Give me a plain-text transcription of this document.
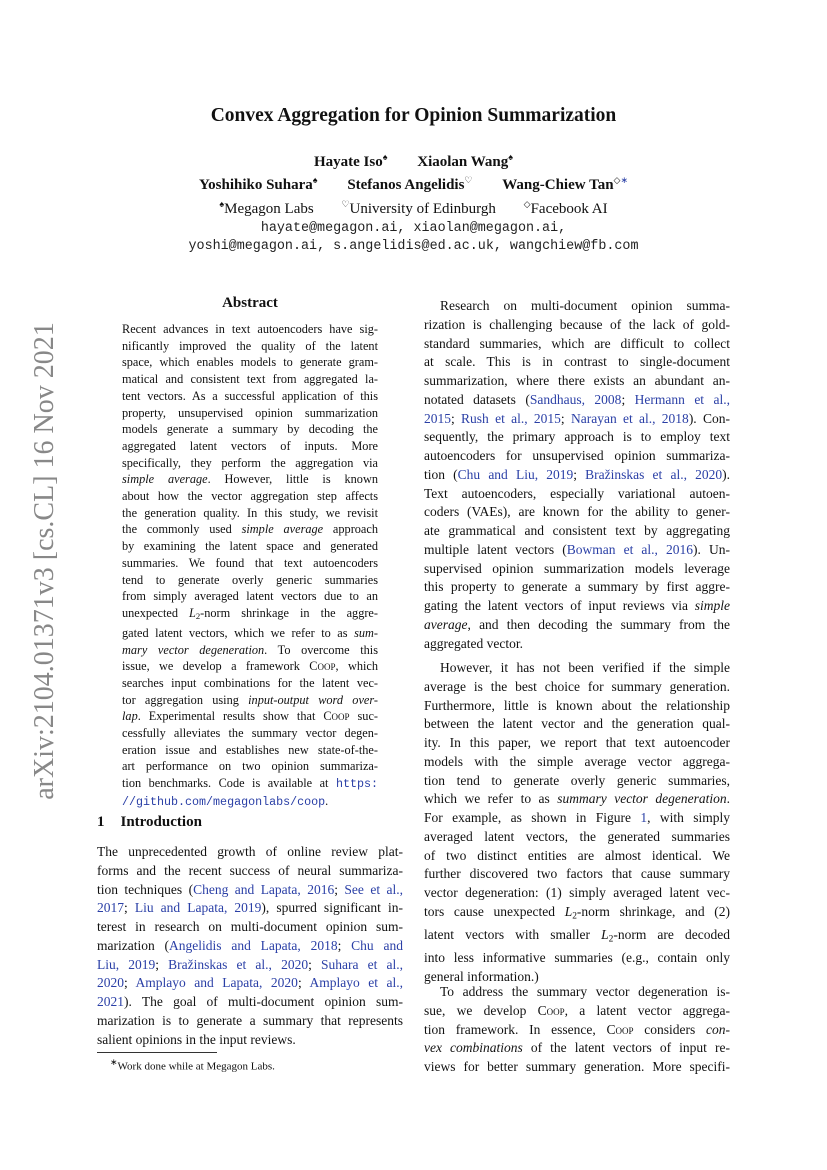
arXiv:2104.01371v3 [cs.CL] 16 Nov 2021
Convex Aggregation for Opinion Summarization
Hayate Iso♠ Xiaolan Wang♠
Yoshihiko Suhara♠ Stefanos Angelidis♡ Wang-Chiew Tan◇∗
♠Megagon Labs	♡University of Edinburgh	◇Facebook AI
hayate@megagon.ai, xiaolan@megagon.ai,
yoshi@megagon.ai, s.angelidis@ed.ac.uk, wangchiew@fb.com
Abstract
Recent advances in text autoencoders have sig-
nificantly improved the quality of the latent
space, which enables models to generate gram-
matical and consistent text from aggregated la-
tent vectors. As a successful application of this
property, unsupervised opinion summarization
models generate a summary by decoding the
aggregated latent vectors of inputs. More
specifically, they perform the aggregation via
simple average. However, little is known
about how the vector aggregation step affects
the generation quality. In this study, we revisit
the commonly used simple average approach
by examining the latent space and generated
summaries. We found that text autoencoders
tend to generate overly generic summaries
from simply averaged latent vectors due to an
unexpected $L_2$-norm shrinkage in the aggre-
gated latent vectors, which we refer to as sum-
mary vector degeneration. To overcome this
issue, we develop a framework Coop, which
searches input combinations for the latent vec-
tor aggregation using input-output word over-
lap. Experimental results show that Coop suc-
cessfully alleviates the summary vector degen-
eration issue and establishes new state-of-the-
art performance on two opinion summariza-
tion benchmarks. Code is available at https:
//github.com/megagonlabs/coop.
1 Introduction
The unprecedented growth of online review plat-
forms and the recent success of neural summariza-
tion techniques (Cheng and Lapata, 2016; See et al.,
2017; Liu and Lapata, 2019), spurred significant in-
terest in research on multi-document opinion sum-
marization (Angelidis and Lapata, 2018; Chu and
Liu, 2019; Bražinskas et al., 2020; Suhara et al.,
2020; Amplayo and Lapata, 2020; Amplayo et al.,
2021). The goal of multi-document opinion sum-
marization is to generate a summary that represents
salient opinions in the input reviews.
Research on multi-document opinion summa-
rization is challenging because of the lack of gold-
standard summaries, which are difficult to collect
at scale. This is in contrast to single-document
summarization, where there exists an abundant an-
notated datasets (Sandhaus, 2008; Hermann et al.,
2015; Rush et al., 2015; Narayan et al., 2018). Con-
sequently, the primary approach is to employ text
autoencoders for unsupervised opinion summariza-
tion (Chu and Liu, 2019; Bražinskas et al., 2020).
Text autoencoders, especially variational autoen-
coders (VAEs), are known for the ability to gener-
ate grammatical and consistent text by aggregating
multiple latent vectors (Bowman et al., 2016). Un-
supervised opinion summarization models leverage
this property to generate a summary by first aggre-
gating the latent vectors of input reviews via simple
average, and then decoding the summary from the
aggregated vector.
However, it has not been verified if the simple
average is the best choice for summary generation.
Furthermore, little is known about the relationship
between the latent vector and the generation qual-
ity. In this paper, we report that text autoencoder
models with the simple average vector aggrega-
tion tend to generate overly generic summaries,
which we refer to as summary vector degeneration.
For example, as shown in Figure 1, with simply
averaged latent vectors, the generated summaries
of two distinct entities are almost identical. We
further discovered two factors that cause summary
vector degeneration: (1) simply averaged latent vec-
tors cause unexpected $L_2$-norm shrinkage, and (2)
latent vectors with smaller $L_2$-norm are decoded
into less informative summaries (e.g., contain only
general information.)
To address the summary vector degeneration is-
sue, we develop Coop, a latent vector aggrega-
tion framework. In essence, Coop considers con-
vex combinations of the latent vectors of input re-
views for better summary generation. More specifi-
∗Work done while at Megagon Labs.
